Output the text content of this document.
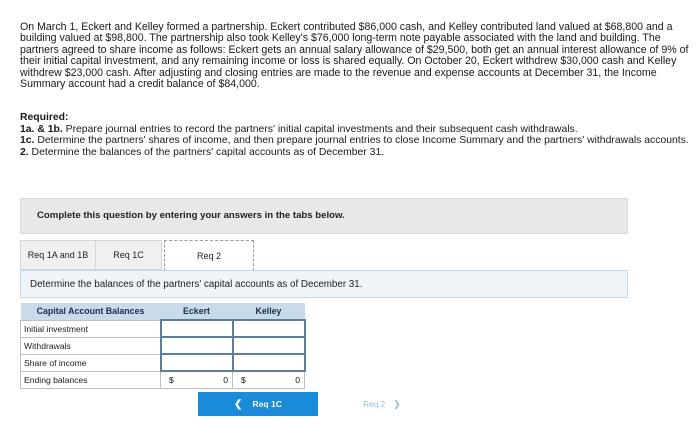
On March 1, Eckert and Kelley formed a partnership. Eckert contributed $86,000 cash, and Kelley contributed land valued at $68,800 and a building valued at $98,800. The partnership also took Kelley's $76,000 long-term note payable associated with the land and building. The partners agreed to share income as follows: Eckert gets an annual salary allowance of $29,500, both get an annual interest allowance of 9% of their initial capital investment, and any remaining income or loss is shared equally. On October 20, Eckert withdrew $30,000 cash and Kelley withdrew $23,000 cash. After adjusting and closing entries are made to the revenue and expense accounts at December 31, the Income Summary account had a credit balance of $84,000.

Required:
1a. & 1b. Prepare journal entries to record the partners' initial capital investments and their subsequent cash withdrawals.
1c. Determine the partners' shares of income, and then prepare journal entries to close Income Summary and the partners' withdrawals accounts.
2. Determine the balances of the partners' capital accounts as of December 31.
Complete this question by entering your answers in the tabs below.
Req 1A and 1B	Req 1C	Req 2
Determine the balances of the partners' capital accounts as of December 31.
Capital Account Balances	Eckert	Kelley
Initial investment		
Withdrawals		
Share of income		
Ending balances	$ 0	$ 0
❮ Req 1C	Req 2 ❯
